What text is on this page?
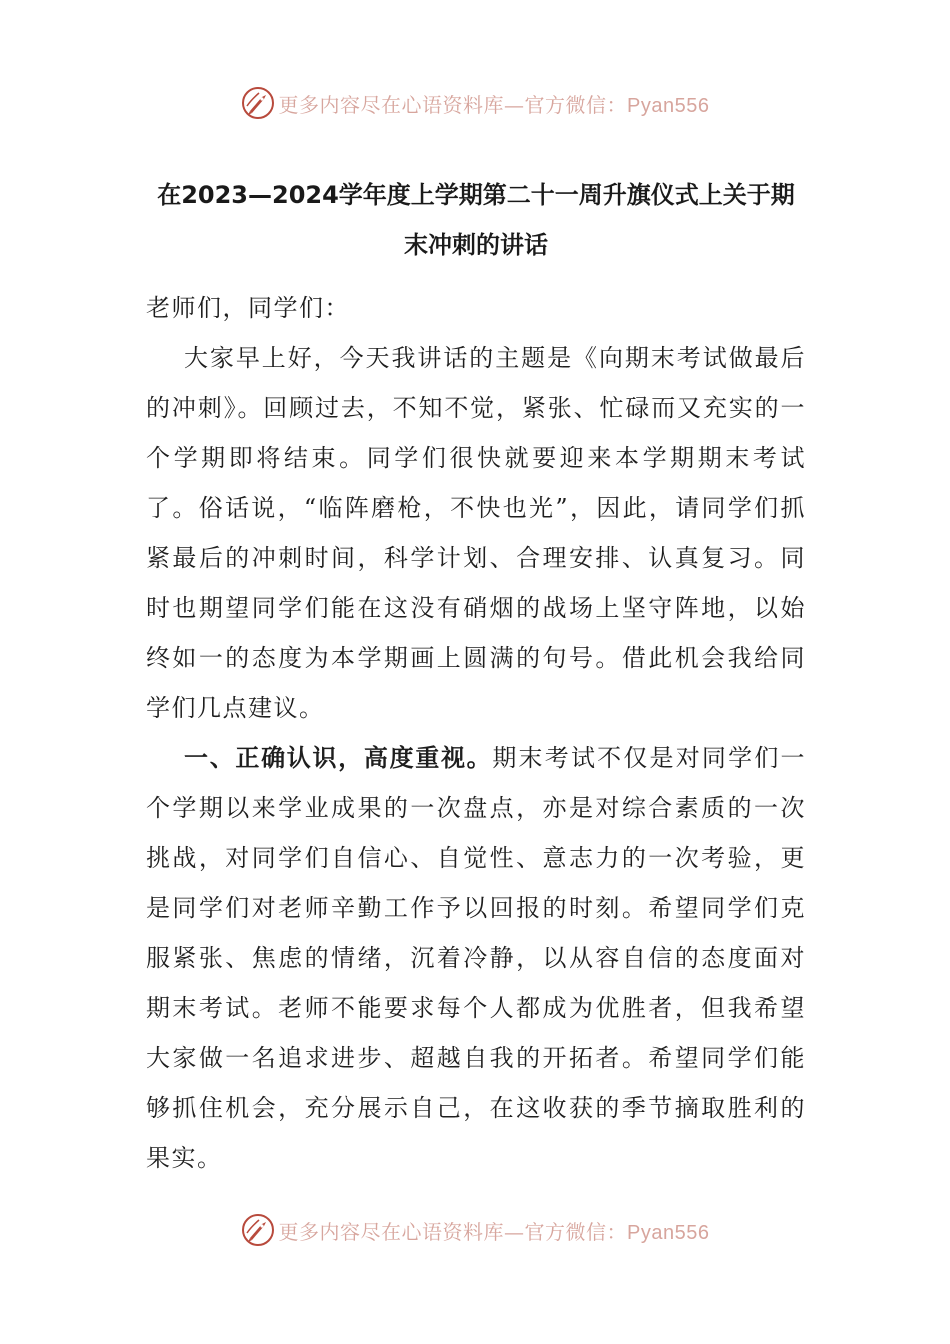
更多内容尽在心语资料库—官方微信：Pyan556
在2023—2024学年度上学期第二十一周升旗仪式上关于期末冲刺的讲话

老师们，同学们：

大家早上好，今天我讲话的主题是《向期末考试做最后的冲刺》。回顾过去，不知不觉，紧张、忙碌而又充实的一个学期即将结束。同学们很快就要迎来本学期期末考试了。俗话说，“临阵磨枪，不快也光”，因此，请同学们抓紧最后的冲刺时间，科学计划、合理安排、认真复习。同时也期望同学们能在这没有硝烟的战场上坚守阵地，以始终如一的态度为本学期画上圆满的句号。借此机会我给同学们几点建议。

一、正确认识，高度重视。期末考试不仅是对同学们一个学期以来学业成果的一次盘点，亦是对综合素质的一次挑战，对同学们自信心、自觉性、意志力的一次考验，更是同学们对老师辛勤工作予以回报的时刻。希望同学们克服紧张、焦虑的情绪，沉着冷静，以从容自信的态度面对期末考试。老师不能要求每个人都成为优胜者，但我希望大家做一名追求进步、超越自我的开拓者。希望同学们能够抓住机会，充分展示自己，在这收获的季节摘取胜利的果实。

更多内容尽在心语资料库—官方微信：Pyan556
